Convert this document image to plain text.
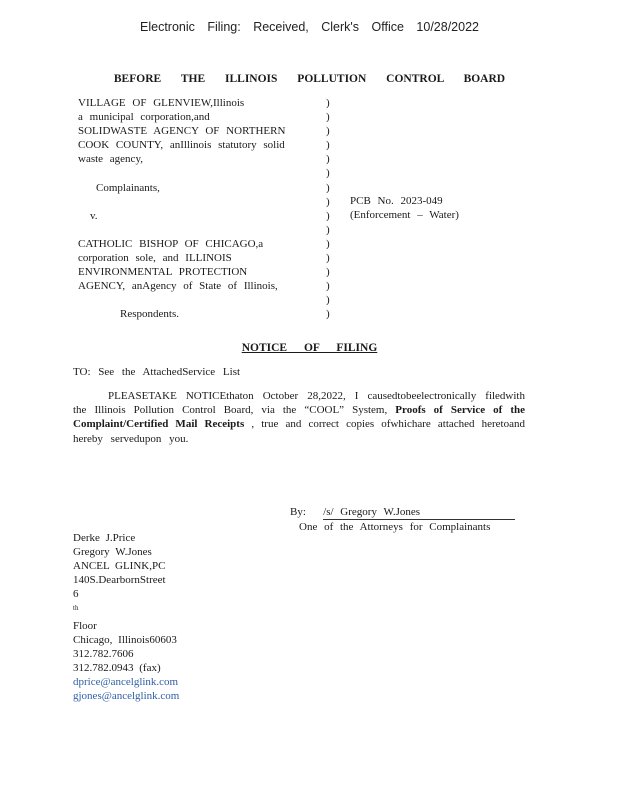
Electronic Filing: Received, Clerk's Office 10/28/2022
BEFORE THE ILLINOIS POLLUTION CONTROL BOARD
VILLAGE OF GLENVIEW,Illinois
a municipal corporation,and
SOLIDWASTE AGENCY OF NORTHERN
COOK COUNTY, anIllinois statutory solid
waste agency,

Complainants,

v.

CATHOLIC BISHOP OF CHICAGO,a
corporation sole, and ILLINOIS
ENVIRONMENTAL PROTECTION
AGENCY, anAgency of State of Illinois,

Respondents.
)
)
)
)
)
)
)
)
)
)
)
)
)
)
)
)
PCB No. 2023-049
(Enforcement – Water)
NOTICE OF FILING
TO: See the AttachedService List
PLEASETAKE NOTICEthaton October 28,2022, I causedtobeelectronically filedwith
the Illinois Pollution Control Board, via the “COOL” System, Proofs of Service of the
Complaint/Certified Mail Receipts , true and correct copies ofwhichare attached heretoand
hereby servedupon you.
By: /s/ Gregory W.Jones
One of the Attorneys for Complainants
Derke J.Price
Gregory W.Jones
ANCEL GLINK,PC
140S.DearbornStreet
6
$^{th}$
Floor
Chicago, Illinois60603
312.782.7606
312.782.0943 (fax)
dprice@ancelglink.com
gjones@ancelglink.com
